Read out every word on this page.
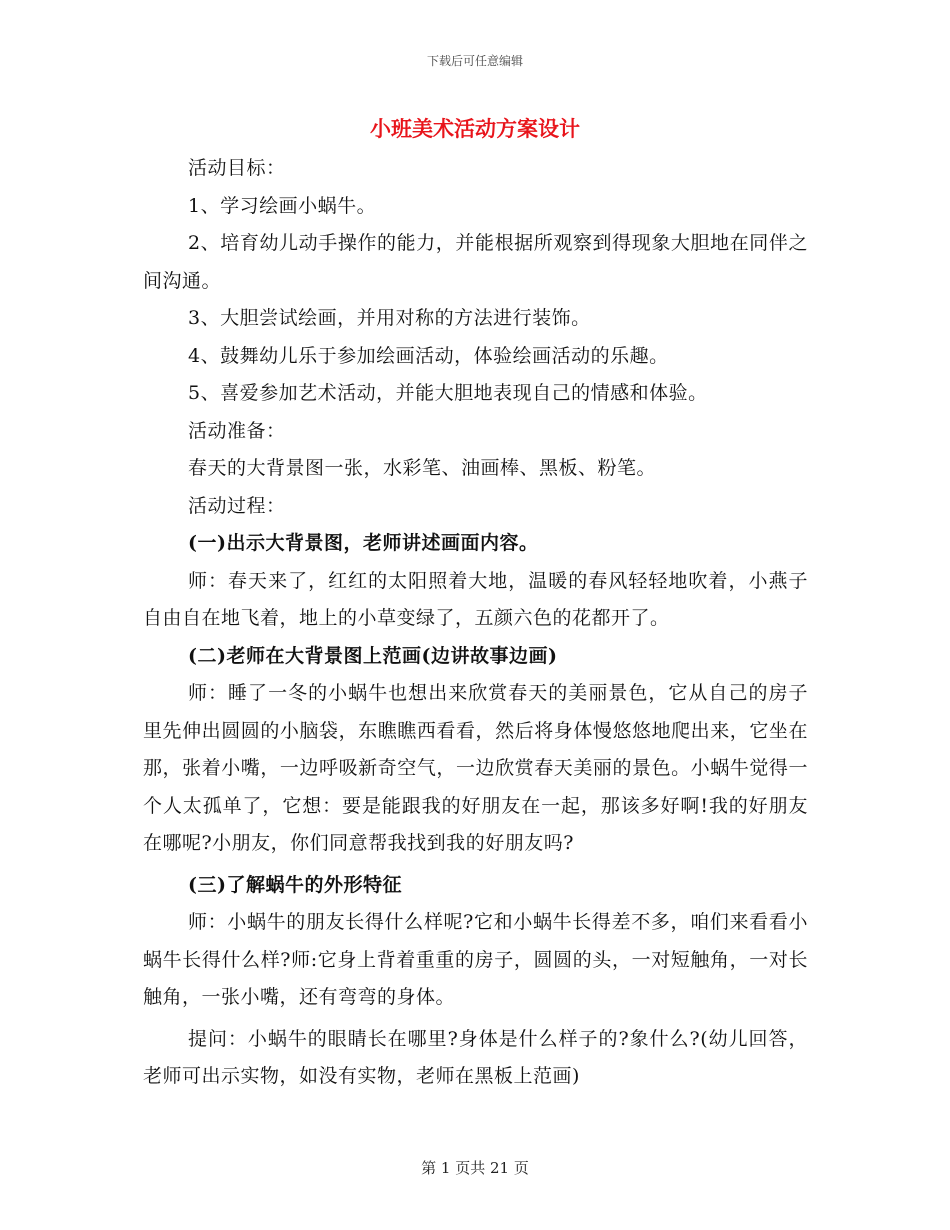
下载后可任意编辑
小班美术活动方案设计

活动目标：

1、学习绘画小蜗牛。

2、培育幼儿动手操作的能力，并能根据所观察到得现象大胆地在同伴之间沟通。

3、大胆尝试绘画，并用对称的方法进行装饰。

4、鼓舞幼儿乐于参加绘画活动，体验绘画活动的乐趣。

5、喜爱参加艺术活动，并能大胆地表现自己的情感和体验。

活动准备：

春天的大背景图一张，水彩笔、油画棒、黑板、粉笔。

活动过程：

(一)出示大背景图，老师讲述画面内容。

师：春天来了，红红的太阳照着大地，温暖的春风轻轻地吹着，小燕子自由自在地飞着，地上的小草变绿了，五颜六色的花都开了。

(二)老师在大背景图上范画(边讲故事边画)

师：睡了一冬的小蜗牛也想出来欣赏春天的美丽景色，它从自己的房子里先伸出圆圆的小脑袋，东瞧瞧西看看，然后将身体慢悠悠地爬出来，它坐在那，张着小嘴，一边呼吸新奇空气，一边欣赏春天美丽的景色。小蜗牛觉得一个人太孤单了，它想：要是能跟我的好朋友在一起，那该多好啊!我的好朋友在哪呢?小朋友，你们同意帮我找到我的好朋友吗?

(三)了解蜗牛的外形特征

师：小蜗牛的朋友长得什么样呢?它和小蜗牛长得差不多，咱们来看看小蜗牛长得什么样?师:它身上背着重重的房子，圆圆的头，一对短触角，一对长触角，一张小嘴，还有弯弯的身体。

提问：小蜗牛的眼睛长在哪里?身体是什么样子的?象什么?(幼儿回答，老师可出示实物，如没有实物，老师在黑板上范画)

第 1 页共 21 页
